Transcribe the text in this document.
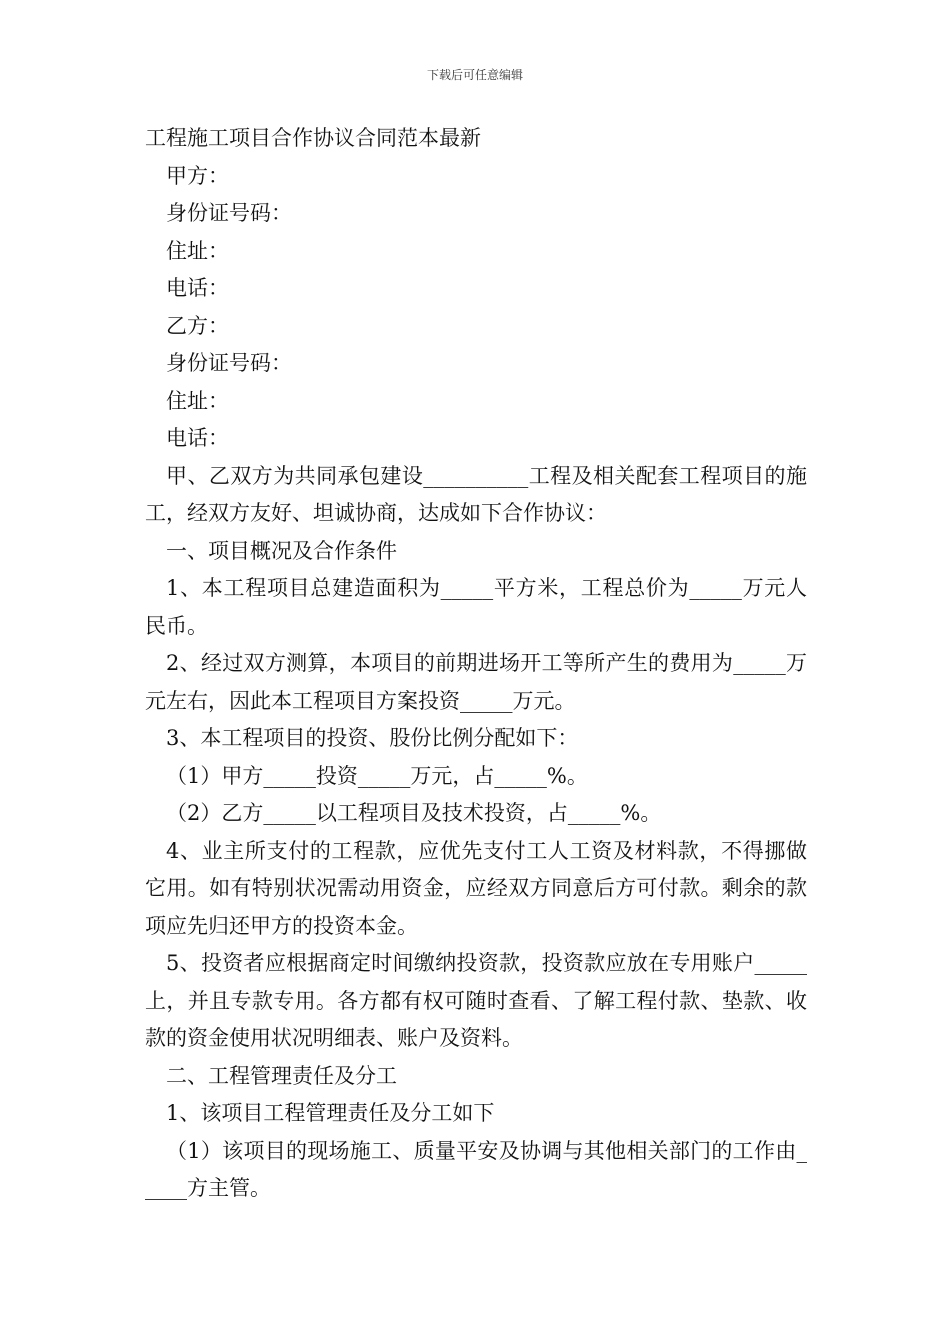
下载后可任意编辑

工程施工项目合作协议合同范本最新

甲方：

身份证号码：

住址：

电话：

乙方：

身份证号码：

住址：

电话：

甲、乙双方为共同承包建设__________工程及相关配套工程项目的施工，经双方友好、坦诚协商，达成如下合作协议：

一、项目概况及合作条件

1、本工程项目总建造面积为_____平方米，工程总价为_____万元人民币。

2、经过双方测算，本项目的前期进场开工等所产生的费用为_____万元左右，因此本工程项目方案投资_____万元。

3、本工程项目的投资、股份比例分配如下：

（1）甲方_____投资_____万元，占_____%。

（2）乙方_____以工程项目及技术投资，占_____%。

4、业主所支付的工程款，应优先支付工人工资及材料款，不得挪做它用。如有特别状况需动用资金，应经双方同意后方可付款。剩余的款项应先归还甲方的投资本金。

5、投资者应根据商定时间缴纳投资款，投资款应放在专用账户_____上，并且专款专用。各方都有权可随时查看、了解工程付款、垫款、收款的资金使用状况明细表、账户及资料。

二、工程管理责任及分工

1、该项目工程管理责任及分工如下

（1）该项目的现场施工、质量平安及协调与其他相关部门的工作由_____方主管。
